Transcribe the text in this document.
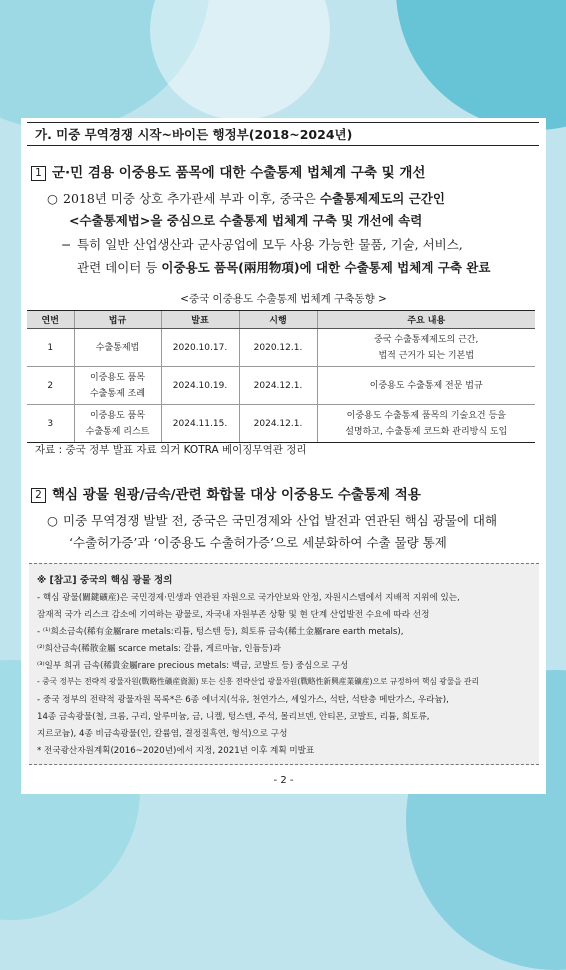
가. 미중 무역경쟁 시작~바이든 행정부(2018~2024년)
1 군·민 겸용 이중용도 품목에 대한 수출통제 법체계 구축 및 개선
○ 2018년 미중 상호 추가관세 부과 이후, 중국은 수출통제제도의 근간인
<수출통제법>을 중심으로 수출통제 법체계 구축 및 개선에 속력
− 특히 일반 산업생산과 군사공업에 모두 사용 가능한 물품, 기술, 서비스,
관련 데이터 등 이중용도 품목(兩用物項)에 대한 수출통제 법체계 구축 완료
<중국 이중용도 수출통제 법체계 구축동향 >
연번	법규	발표	시행	주요 내용
1	수출통제법	2020.10.17.	2020.12.1.	중국 수출통제제도의 근간,
법적 근거가 되는 기본법
2	이중용도 품목
수출통제 조례	2024.10.19.	2024.12.1.	이중용도 수출통제 전문 법규
3	이중용도 품목
수출통제 리스트	2024.11.15.	2024.12.1.	이중용도 수출통제 품목의 기술요건 등을
설명하고, 수출통제 코드화 관리방식 도입
자료 : 중국 정부 발표 자료 의거 KOTRA 베이징무역관 정리
2 핵심 광물 원광/금속/관련 화합물 대상 이중용도 수출통제 적용
○ 미중 무역경쟁 발발 전, 중국은 국민경제와 산업 발전과 연관된 핵심 광물에 대해
‘수출허가증’과 ‘이중용도 수출허가증’으로 세분화하여 수출 물량 통제
※ [참고] 중국의 핵심 광물 정의
- 핵심 광물(關鍵礦産)은 국민경제·민생과 연관된 자원으로 국가안보와 안정, 자원시스템에서 지배적 지위에 있는,
잠재적 국가 리스크 감소에 기여하는 광물로, 자국내 자원부존 상황 및 현 단계 산업발전 수요에 따라 선정
- ⁽¹⁾희소금속(稀有金屬rare metals:리튬, 텅스텐 등), 희토류 금속(稀土金屬rare earth metals),
⁽²⁾희산금속(稀散金屬 scarce metals: 갈륨, 게르마늄, 인듐등)과
⁽³⁾일부 희귀 금속(稀貴金屬rare precious metals: 백금, 코발트 등) 중심으로 구성
- 중국 정부는 전략적 광물자원(戰略性礦産資源) 또는 신흥 전략산업 광물자원(戰略性新興産業礦産)으로 규정하여 핵심 광물을 관리
- 중국 정부의 전략적 광물자원 목록*은 6종 에너지(석유, 천연가스, 셰일가스, 석탄, 석탄층 메탄가스, 우라늄),
14종 금속광물(철, 크롬, 구리, 알루미늄, 금, 니켈, 텅스텐, 주석, 몰리브덴, 안티몬, 코발트, 리튬, 희토류,
지르코늄), 4종 비금속광물(인, 칼륨염, 결정질흑연, 형석)으로 구성
* 전국광산자원계획(2016~2020년)에서 지정, 2021년 이후 계획 미발표
- 2 -
